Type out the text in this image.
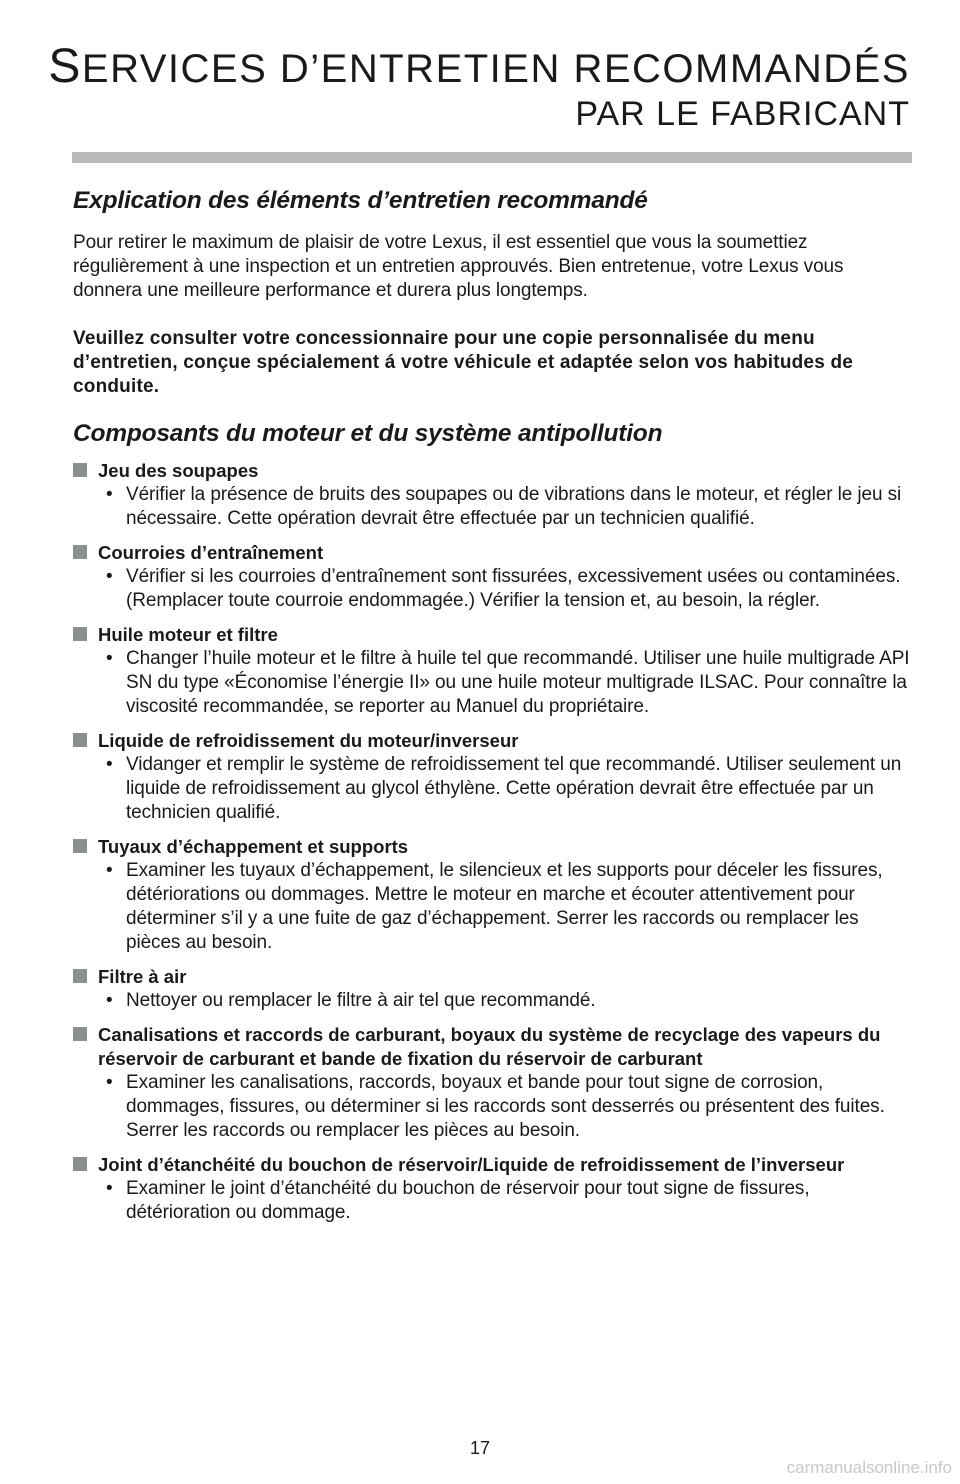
SERVICES D’ENTRETIEN RECOMMANDÉS
PAR LE FABRICANT
Explication des éléments d’entretien recommandé

Pour retirer le maximum de plaisir de votre Lexus, il est essentiel que vous la soumettiez régulièrement à une inspection et un entretien approuvés. Bien entretenue, votre Lexus vous donnera une meilleure performance et durera plus longtemps.

Veuillez consulter votre concessionnaire pour une copie personnalisée du menu d’entretien, conçue spécialement á votre véhicule et adaptée selon vos habitudes de conduite.

Composants du moteur et du système antipollution
Jeu des soupapes
• Vérifier la présence de bruits des soupapes ou de vibrations dans le moteur, et régler le jeu si nécessaire. Cette opération devrait être effectuée par un technicien qualifié.
Courroies d’entraînement
• Vérifier si les courroies d’entraînement sont fissurées, excessivement usées ou contaminées. (Remplacer toute courroie endommagée.) Vérifier la tension et, au besoin, la régler.
Huile moteur et filtre
• Changer l’huile moteur et le filtre à huile tel que recommandé. Utiliser une huile multigrade API SN du type «Économise l’énergie II» ou une huile moteur multigrade ILSAC. Pour connaître la viscosité recommandée, se reporter au Manuel du propriétaire.
Liquide de refroidissement du moteur/inverseur
• Vidanger et remplir le système de refroidissement tel que recommandé. Utiliser seulement un liquide de refroidissement au glycol éthylène. Cette opération devrait être effectuée par un technicien qualifié.
Tuyaux d’échappement et supports
• Examiner les tuyaux d’échappement, le silencieux et les supports pour déceler les fissures, détériorations ou dommages. Mettre le moteur en marche et écouter attentivement pour déterminer s’il y a une fuite de gaz d’échappement. Serrer les raccords ou remplacer les pièces au besoin.
Filtre à air
• Nettoyer ou remplacer le filtre à air tel que recommandé.
Canalisations et raccords de carburant, boyaux du système de recyclage des vapeurs du réservoir de carburant et bande de fixation du réservoir de carburant
• Examiner les canalisations, raccords, boyaux et bande pour tout signe de corrosion, dommages, fissures, ou déterminer si les raccords sont desserrés ou présentent des fuites. Serrer les raccords ou remplacer les pièces au besoin.
Joint d’étanchéité du bouchon de réservoir/Liquide de refroidissement de l’inverseur
• Examiner le joint d’étanchéité du bouchon de réservoir pour tout signe de fissures, détérioration ou dommage.
17
carmanualsonline.info
